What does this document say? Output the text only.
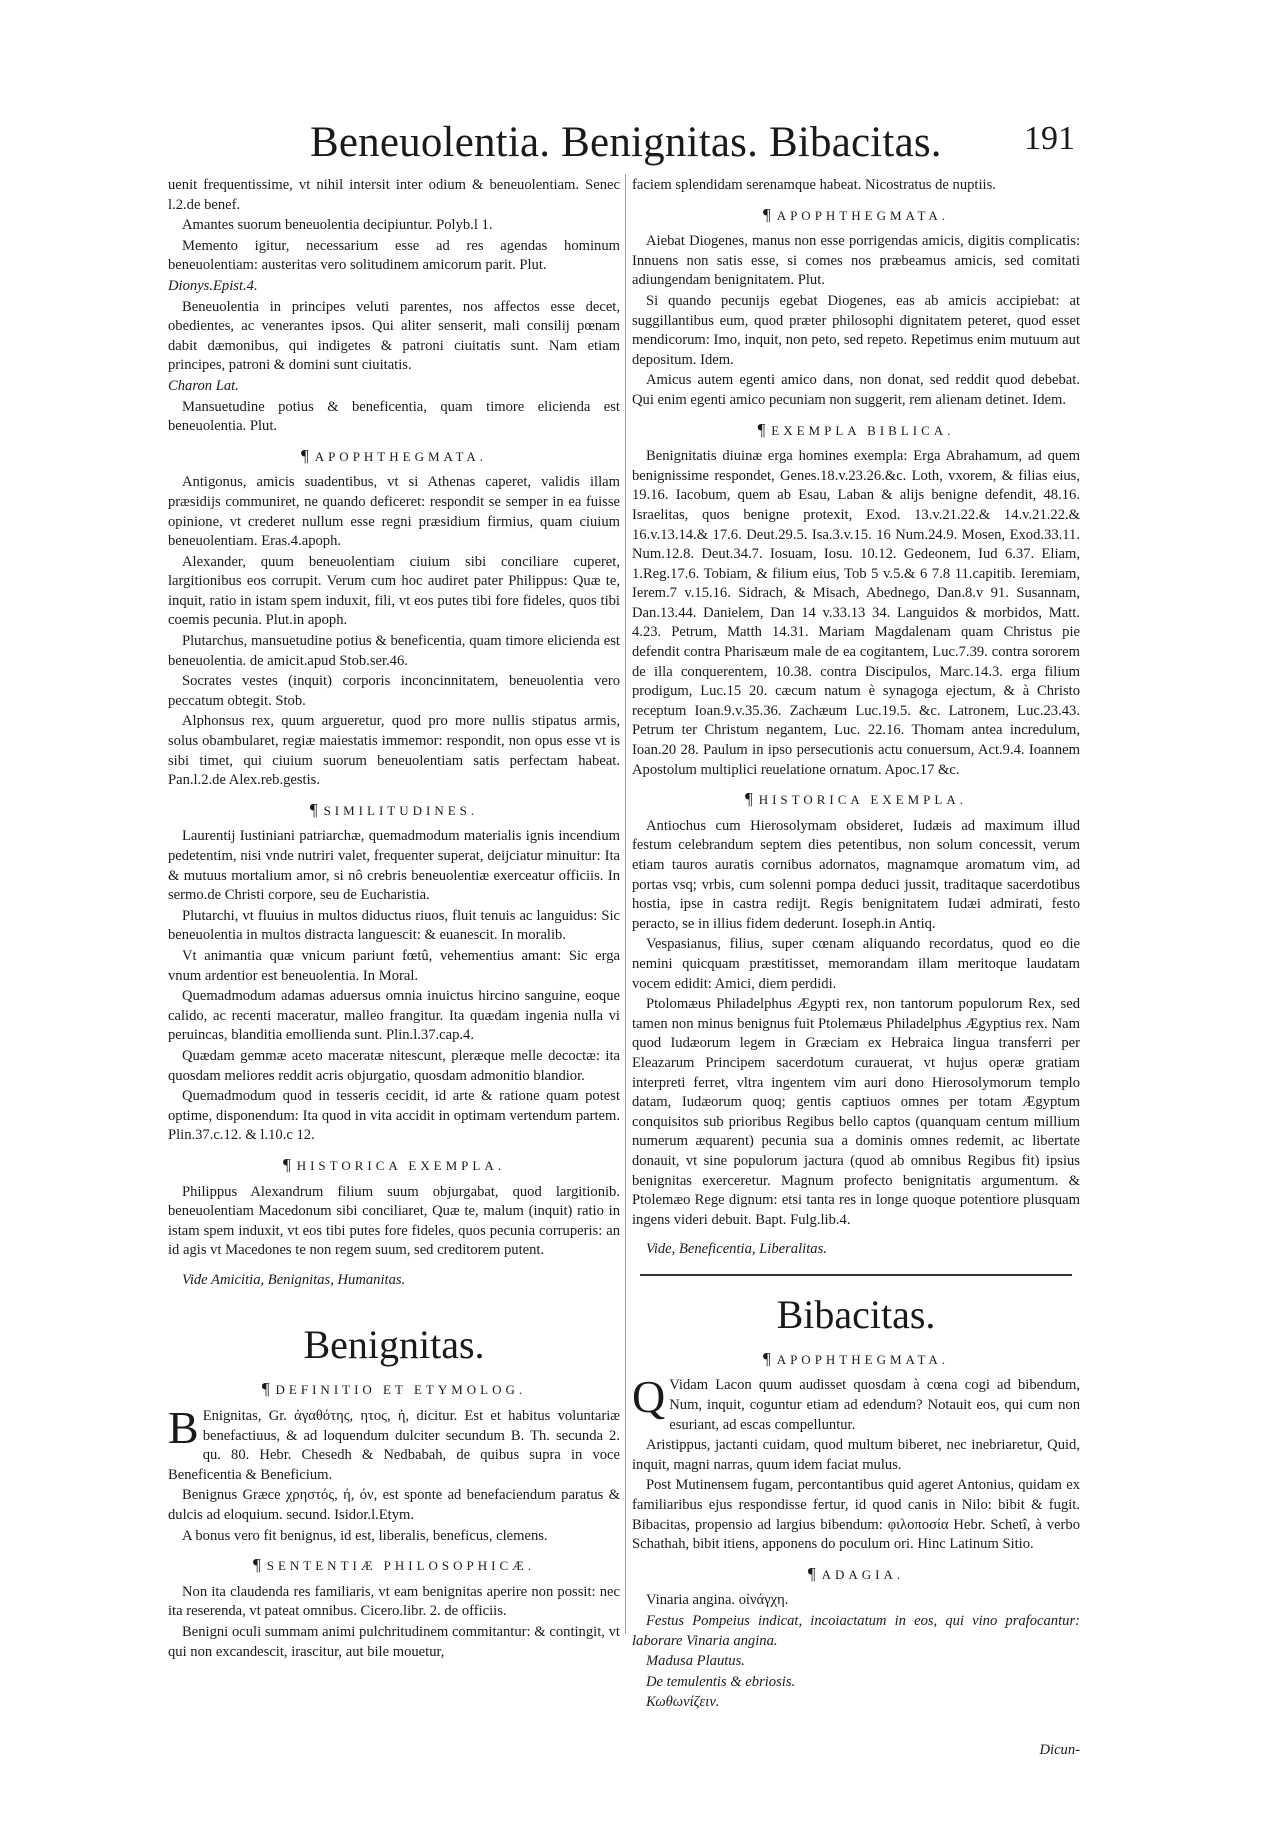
Beneuolentia. Benignitas. Bibacitas. 191

uenit frequentissime, vt nihil intersit inter odium & beneuolentiam. Senec l.2.de benef.

Amantes suorum beneuolentia decipiuntur. Polyb.l 1.

Memento igitur, necessarium esse ad res agendas hominum beneuolentiam: austeritas vero solitudinem amicorum parit. Plut.

Dionys.Epist.4.

Beneuolentia in principes veluti parentes, nos affectos esse decet, obedientes, ac venerantes ipsos. Qui aliter senserit, mali consilij pœnam dabit dæmonibus, qui indigetes & patroni ciuitatis sunt. Nam etiam principes, patroni & domini sunt ciuitatis.

Charon Lat.

Mansuetudine potius & beneficentia, quam timore elicienda est beneuolentia. Plut.

¶ APOPHTHEGMATA.

Antigonus, amicis suadentibus, vt si Athenas caperet, validis illam præsidijs communiret, ne quando deficeret: respondit se semper in ea fuisse opinione, vt crederet nullum esse regni præsidium firmius, quam ciuium beneuolentiam. Eras.4.apoph.

Alexander, quum beneuolentiam ciuium sibi conciliare cuperet, largitionibus eos corrupit. Verum cum hoc audiret pater Philippus: Quæ te, inquit, ratio in istam spem induxit, fili, vt eos putes tibi fore fideles, quos tibi coemis pecunia. Plut.in apoph.

Plutarchus, mansuetudine potius & beneficentia, quam timore elicienda est beneuolentia. de amicit.apud Stob.ser.46.

Socrates vestes (inquit) corporis inconcinnitatem, beneuolentia vero peccatum obtegit. Stob.

Alphonsus rex, quum argueretur, quod pro more nullis stipatus armis, solus obambularet, regiæ maiestatis immemor: respondit, non opus esse vt is sibi timet, qui ciuium suorum beneuolentiam satis perfectam habeat. Pan.l.2.de Alex.reb.gestis.

¶ SIMILITUDINES.

Laurentij Iustiniani patriarchæ, quemadmodum materialis ignis incendium pedetentim, nisi vnde nutriri valet, frequenter superat, deijciatur minuitur: Ita & mutuus mortalium amor, si nô crebris beneuolentiæ exerceatur officiis. In sermo.de Christi corpore, seu de Eucharistia.

Plutarchi, vt fluuius in multos diductus riuos, fluit tenuis ac languidus: Sic beneuolentia in multos distracta languescit: & euanescit. In moralib.

Vt animantia quæ vnicum pariunt fœtû, vehementius amant: Sic erga vnum ardentior est beneuolentia. In Moral.

Quemadmodum adamas aduersus omnia inuictus hircino sanguine, eoque calido, ac recenti maceratur, malleo frangitur. Ita quædam ingenia nulla vi peruincas, blanditia emollienda sunt. Plin.l.37.cap.4.

Quædam gemmæ aceto maceratæ nitescunt, pleræque melle decoctæ: ita quosdam meliores reddit acris objurgatio, quosdam admonitio blandior.

Quemadmodum quod in tesseris cecidit, id arte & ratione quam potest optime, disponendum: Ita quod in vita accidit in optimam vertendum partem. Plin.37.c.12. & l.10.c 12.

¶ HISTORICA EXEMPLA.

Philippus Alexandrum filium suum objurgabat, quod largitionib. beneuolentiam Macedonum sibi conciliaret, Quæ te, malum (inquit) ratio in istam spem induxit, vt eos tibi putes fore fideles, quos pecunia corruperis: an id agis vt Macedones te non regem suum, sed creditorem putent.

Vide Amicitia, Benignitas, Humanitas.

Benignitas.
¶ DEFINITIO ET ETYMOLOG.

B Enignitas, Gr. ἀγαθότης, ητος, ἡ, dicitur. Est et habitus voluntariæ benefactiuus, & ad loquendum dulciter secundum B. Th. secunda 2. qu. 80. Hebr. Chesedh & Nedbabah, de quibus supra in voce Beneficentia & Beneficium.

Benignus Græce χρηστός, ή, όν, est sponte ad benefaciendum paratus & dulcis ad eloquium. secund. Isidor.l.Etym.

A bonus vero fit benignus, id est, liberalis, beneficus, clemens.

¶ SENTENTIÆ PHILOSOPHICÆ.

Non ita claudenda res familiaris, vt eam benignitas aperire non possit: nec ita reserenda, vt pateat omnibus. Cicero.libr. 2. de officiis.

Benigni oculi summam animi pulchritudinem commitantur: & contingit, vt qui non excandescit, irascitur, aut bile mouetur,

faciem splendidam serenamque habeat. Nicostratus de nuptiis.

¶ APOPHTHEGMATA.

Aiebat Diogenes, manus non esse porrigendas amicis, digitis complicatis: Innuens non satis esse, si comes nos præbeamus amicis, sed comitati adiungendam benignitatem. Plut.

Si quando pecunijs egebat Diogenes, eas ab amicis accipiebat: at suggillantibus eum, quod præter philosophi dignitatem peteret, quod esset mendicorum: Imo, inquit, non peto, sed repeto. Repetimus enim mutuum aut depositum. Idem.

Amicus autem egenti amico dans, non donat, sed reddit quod debebat. Qui enim egenti amico pecuniam non suggerit, rem alienam detinet. Idem.

¶ EXEMPLA BIBLICA.

Benignitatis diuinæ erga homines exempla: Erga Abrahamum, ad quem benignissime respondet, Genes.18.v.23.26.&c. Loth, vxorem, & filias eius, 19.16. Iacobum, quem ab Esau, Laban & alijs benigne defendit, 48.16. Israelitas, quos benigne protexit, Exod. 13.v.21.22.& 14.v.21.22.& 16.v.13.14.& 17.6. Deut.29.5. Isa.3.v.15. 16 Num.24.9. Mosen, Exod.33.11. Num.12.8. Deut.34.7. Iosuam, Iosu. 10.12. Gedeonem, Iud 6.37. Eliam, 1.Reg.17.6. Tobiam, & filium eius, Tob 5 v.5.& 6 7.8 11.capitib. Ieremiam, Ierem.7 v.15.16. Sidrach, & Misach, Abednego, Dan.8.v 91. Susannam, Dan.13.44. Danielem, Dan 14 v.33.13 34. Languidos & morbidos, Matt. 4.23. Petrum, Matth 14.31. Mariam Magdalenam quam Christus pie defendit contra Pharisæum male de ea cogitantem, Luc.7.39. contra sororem de illa conquerentem, 10.38. contra Discipulos, Marc.14.3. erga filium prodigum, Luc.15 20. cæcum natum è synagoga ejectum, & à Christo receptum Ioan.9.v.35.36. Zachæum Luc.19.5. &c. Latronem, Luc.23.43. Petrum ter Christum negantem, Luc. 22.16. Thomam antea incredulum, Ioan.20 28. Paulum in ipso persecutionis actu conuersum, Act.9.4. Ioannem Apostolum multiplici reuelatione ornatum. Apoc.17 &c.

¶ HISTORICA EXEMPLA.

Antiochus cum Hierosolymam obsideret, Iudæis ad maximum illud festum celebrandum septem dies petentibus, non solum concessit, verum etiam tauros auratis cornibus adornatos, magnamque aromatum vim, ad portas vsq; vrbis, cum solenni pompa deduci jussit, traditaque sacerdotibus hostia, ipse in castra redijt. Regis benignitatem Iudæi admirati, festo peracto, se in illius fidem dederunt. Ioseph.in Antiq.

Vespasianus, filius, super cœnam aliquando recordatus, quod eo die nemini quicquam præstitisset, memorandam illam meritoque laudatam vocem edidit: Amici, diem perdidi.

Ptolomæus Philadelphus Ægypti rex, non tantorum populorum Rex, sed tamen non minus benignus fuit Ptolemæus Philadelphus Ægyptius rex. Nam quod Iudæorum legem in Græciam ex Hebraica lingua transferri per Eleazarum Principem sacerdotum curauerat, vt hujus operæ gratiam interpreti ferret, vltra ingentem vim auri dono Hierosolymorum templo datam, Iudæorum quoq; gentis captiuos omnes per totam Ægyptum conquisitos sub prioribus Regibus bello captos (quanquam centum millium numerum æquarent) pecunia sua a dominis omnes redemit, ac libertate donauit, vt sine populorum jactura (quod ab omnibus Regibus fit) ipsius benignitas exerceretur. Magnum profecto benignitatis argumentum. & Ptolemæo Rege dignum: etsi tanta res in longe quoque potentiore plusquam ingens videri debuit. Bapt. Fulg.lib.4.

Vide, Beneficentia, Liberalitas.

Bibacitas.
¶ APOPHTHEGMATA.

Q Vidam Lacon quum audisset quosdam à cœna cogi ad bibendum, Num, inquit, coguntur etiam ad edendum? Notauit eos, qui cum non esuriant, ad escas compelluntur.

Aristippus, jactanti cuidam, quod multum biberet, nec inebriaretur, Quid, inquit, magni narras, quum idem faciat mulus.

Post Mutinensem fugam, percontantibus quid ageret Antonius, quidam ex familiaribus ejus respondisse fertur, id quod canis in Nilo: bibit & fugit. Bibacitas, propensio ad largius bibendum: φιλοποσία Hebr. Schetî, à verbo Schathah, bibit itiens, apponens do poculum ori. Hinc Latinum Sitio.

¶ ADAGIA.

Vinaria angina. οἰνάγχη.

Festus Pompeius indicat, incoiactatum in eos, qui vino prafocantur: laborare Vinaria angina.

Madusa Plautus.

De temulentis & ebriosis.

Κωθωνίζειν.

Dicun-
